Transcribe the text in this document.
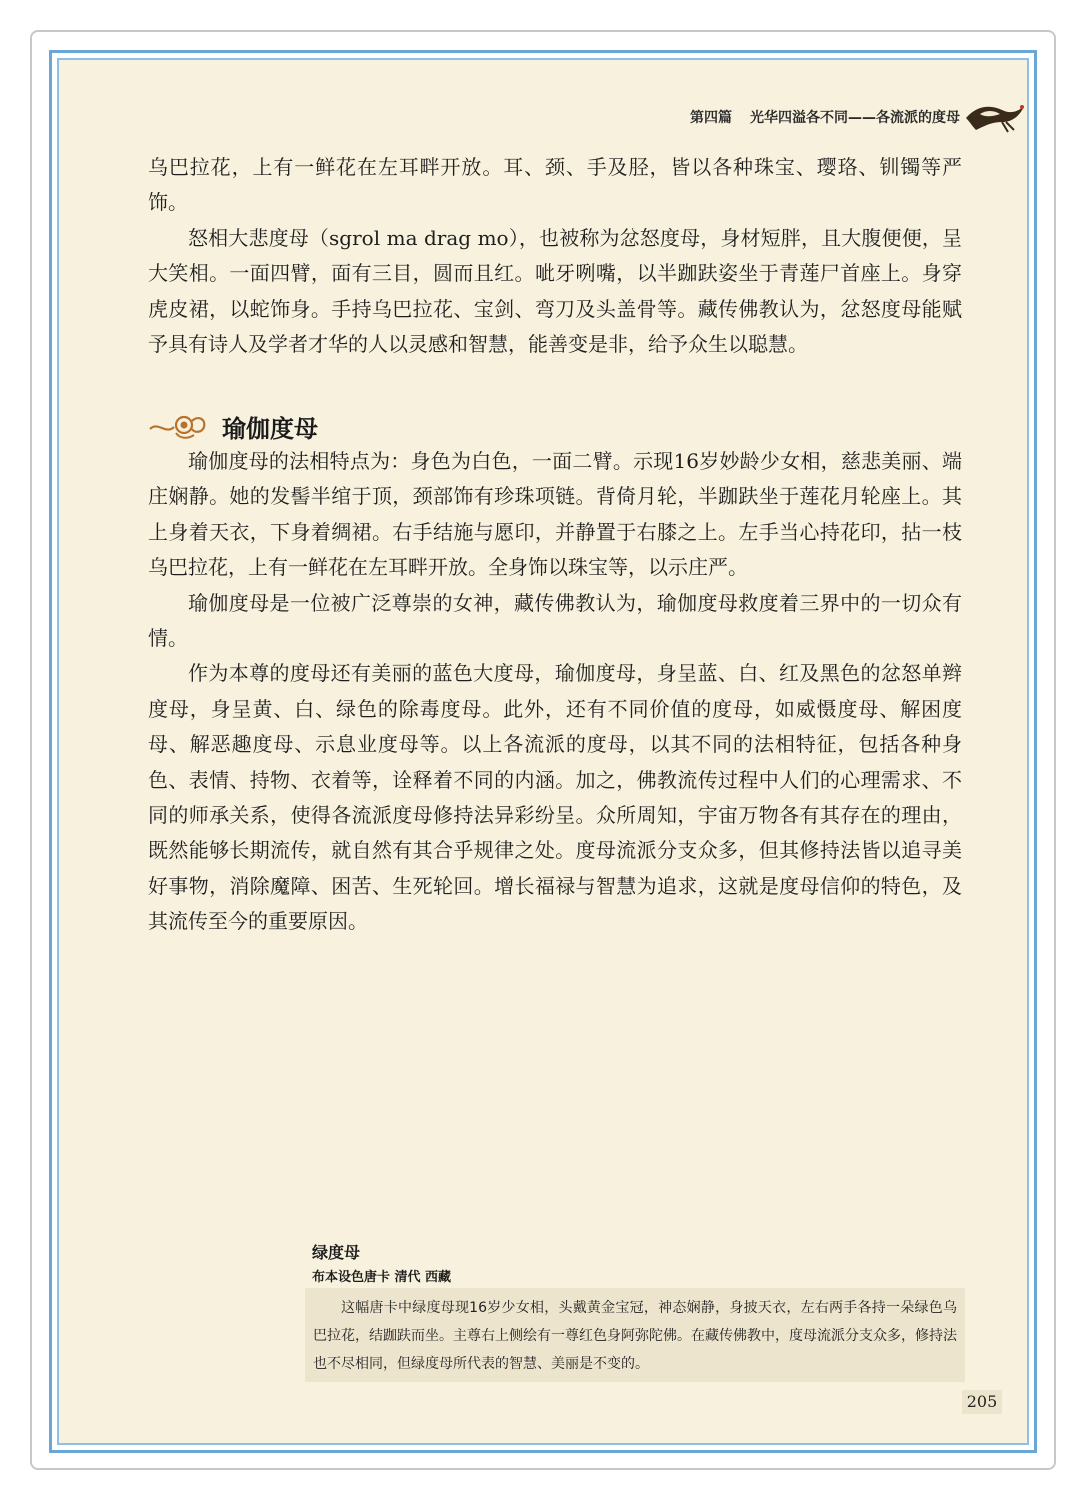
第四篇 光华四溢各不同——各流派的度母

乌巴拉花，上有一鲜花在左耳畔开放。耳、颈、手及胫，皆以各种珠宝、璎珞、钏镯等严饰。

怒相大悲度母（sgrol ma drag mo），也被称为忿怒度母，身材短胖，且大腹便便，呈大笑相。一面四臂，面有三目，圆而且红。呲牙咧嘴，以半跏趺姿坐于青莲尸首座上。身穿虎皮裙，以蛇饰身。手持乌巴拉花、宝剑、弯刀及头盖骨等。藏传佛教认为，忿怒度母能赋予具有诗人及学者才华的人以灵感和智慧，能善变是非，给予众生以聪慧。

瑜伽度母

瑜伽度母的法相特点为：身色为白色，一面二臂。示现16岁妙龄少女相，慈悲美丽、端庄娴静。她的发髻半绾于顶，颈部饰有珍珠项链。背倚月轮，半跏趺坐于莲花月轮座上。其上身着天衣，下身着绸裙。右手结施与愿印，并静置于右膝之上。左手当心持花印，拈一枝乌巴拉花，上有一鲜花在左耳畔开放。全身饰以珠宝等，以示庄严。

瑜伽度母是一位被广泛尊崇的女神，藏传佛教认为，瑜伽度母救度着三界中的一切众有情。

作为本尊的度母还有美丽的蓝色大度母，瑜伽度母，身呈蓝、白、红及黑色的忿怒单辫度母，身呈黄、白、绿色的除毒度母。此外，还有不同价值的度母，如威慑度母、解困度母、解恶趣度母、示息业度母等。以上各流派的度母，以其不同的法相特征，包括各种身色、表情、持物、衣着等，诠释着不同的内涵。加之，佛教流传过程中人们的心理需求、不同的师承关系，使得各流派度母修持法异彩纷呈。众所周知，宇宙万物各有其存在的理由，既然能够长期流传，就自然有其合乎规律之处。度母流派分支众多，但其修持法皆以追寻美好事物，消除魔障、困苦、生死轮回。增长福禄与智慧为追求，这就是度母信仰的特色，及其流传至今的重要原因。

绿度母
布本设色唐卡 清代 西藏
这幅唐卡中绿度母现16岁少女相，头戴黄金宝冠，神态娴静，身披天衣，左右两手各持一朵绿色乌巴拉花，结跏趺而坐。主尊右上侧绘有一尊红色身阿弥陀佛。在藏传佛教中，度母流派分支众多，修持法也不尽相同，但绿度母所代表的智慧、美丽是不变的。
205
